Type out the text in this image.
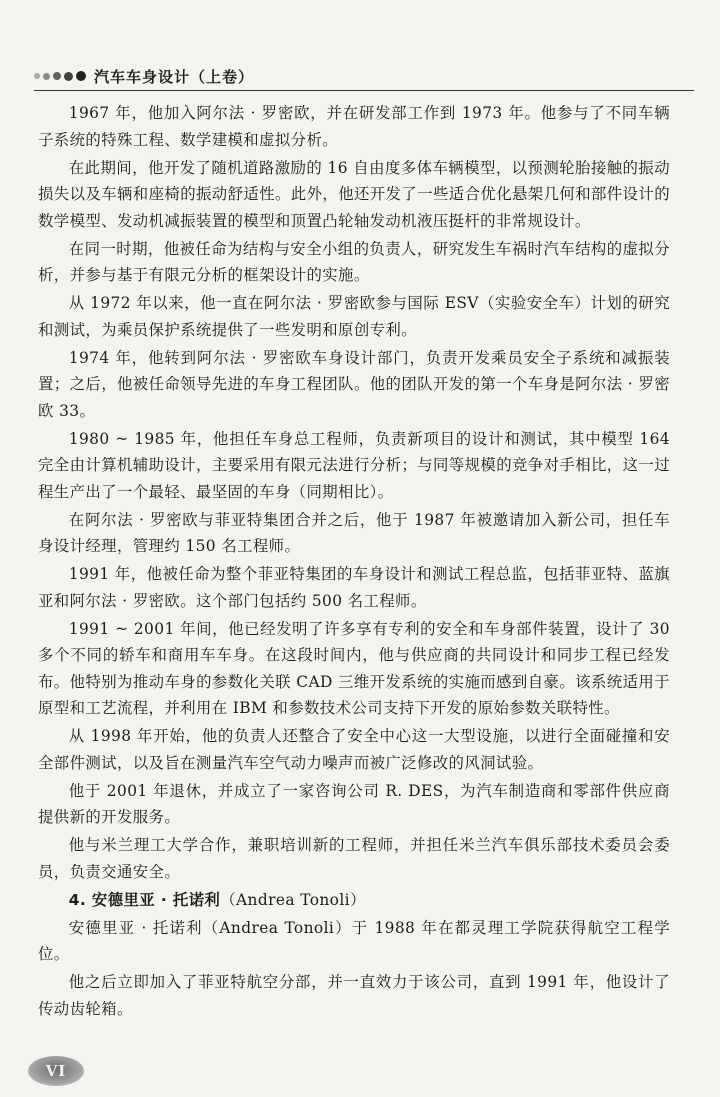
汽车车身设计（上卷）

1967 年，他加入阿尔法 · 罗密欧，并在研发部工作到 1973 年。他参与了不同车辆子系统的特殊工程、数学建模和虚拟分析。

在此期间，他开发了随机道路激励的 16 自由度多体车辆模型，以预测轮胎接触的振动损失以及车辆和座椅的振动舒适性。此外，他还开发了一些适合优化悬架几何和部件设计的数学模型、发动机减振装置的模型和顶置凸轮轴发动机液压挺杆的非常规设计。

在同一时期，他被任命为结构与安全小组的负责人，研究发生车祸时汽车结构的虚拟分析，并参与基于有限元分析的框架设计的实施。

从 1972 年以来，他一直在阿尔法 · 罗密欧参与国际 ESV（实验安全车）计划的研究和测试，为乘员保护系统提供了一些发明和原创专利。

1974 年，他转到阿尔法 · 罗密欧车身设计部门，负责开发乘员安全子系统和减振装置；之后，他被任命领导先进的车身工程团队。他的团队开发的第一个车身是阿尔法 · 罗密欧 33。

1980 ~ 1985 年，他担任车身总工程师，负责新项目的设计和测试，其中模型 164 完全由计算机辅助设计，主要采用有限元法进行分析；与同等规模的竞争对手相比，这一过程生产出了一个最轻、最坚固的车身（同期相比）。

在阿尔法 · 罗密欧与菲亚特集团合并之后，他于 1987 年被邀请加入新公司，担任车身设计经理，管理约 150 名工程师。

1991 年，他被任命为整个菲亚特集团的车身设计和测试工程总监，包括菲亚特、蓝旗亚和阿尔法 · 罗密欧。这个部门包括约 500 名工程师。

1991 ~ 2001 年间，他已经发明了许多享有专利的安全和车身部件装置，设计了 30 多个不同的轿车和商用车车身。在这段时间内，他与供应商的共同设计和同步工程已经发布。他特别为推动车身的参数化关联 CAD 三维开发系统的实施而感到自豪。该系统适用于原型和工艺流程，并利用在 IBM 和参数技术公司支持下开发的原始参数关联特性。

从 1998 年开始，他的负责人还整合了安全中心这一大型设施，以进行全面碰撞和安全部件测试，以及旨在测量汽车空气动力噪声而被广泛修改的风洞试验。

他于 2001 年退休，并成立了一家咨询公司 R. DES，为汽车制造商和零部件供应商提供新的开发服务。

他与米兰理工大学合作，兼职培训新的工程师，并担任米兰汽车俱乐部技术委员会委员，负责交通安全。

4. 安德里亚 · 托诺利（Andrea Tonoli）

安德里亚 · 托诺利（Andrea Tonoli）于 1988 年在都灵理工学院获得航空工程学位。

他之后立即加入了菲亚特航空分部，并一直效力于该公司，直到 1991 年，他设计了传动齿轮箱。

VI
